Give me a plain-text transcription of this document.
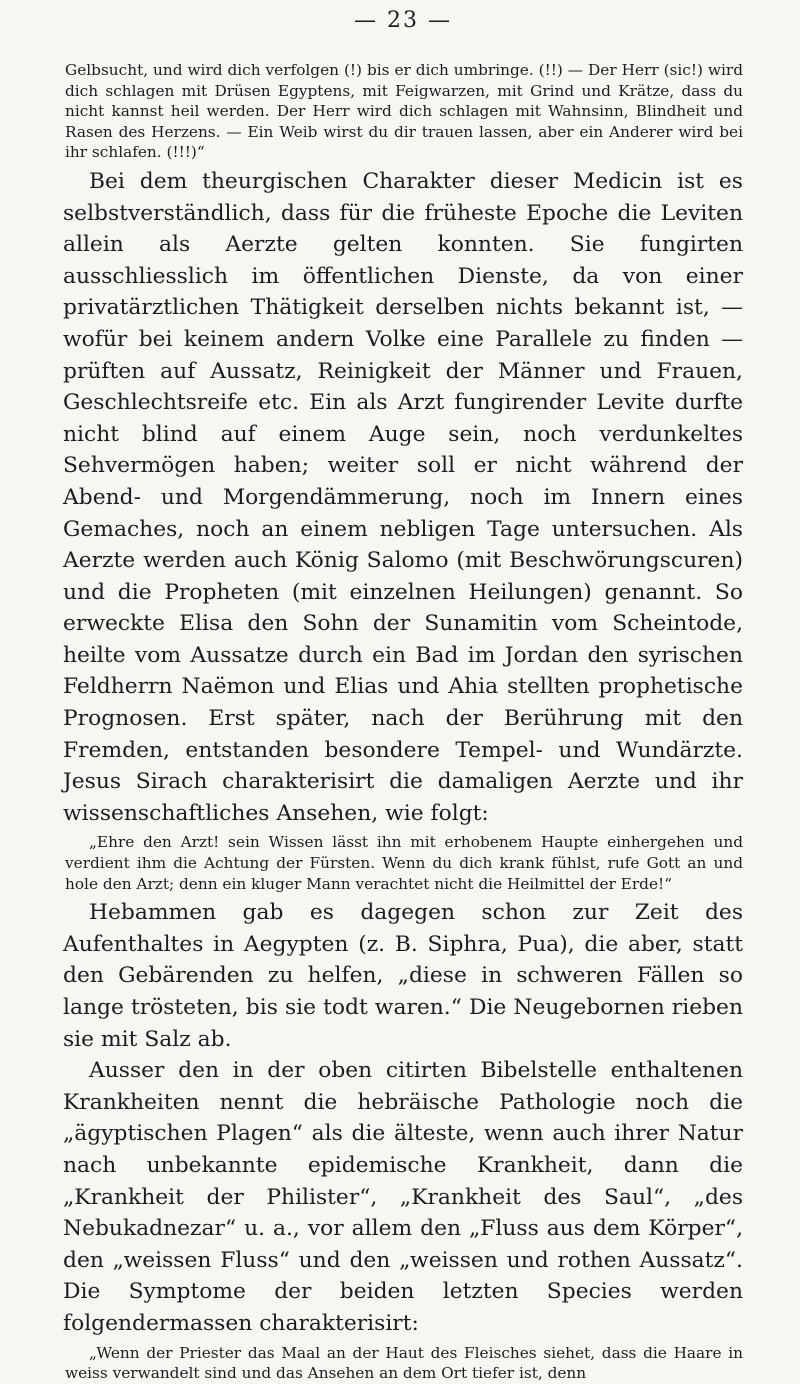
— 23 —

Gelbsucht, und wird dich verfolgen (!) bis er dich umbringe. (!!) — Der Herr (sic!) wird dich schlagen mit Drüsen Egyptens, mit Feigwarzen, mit Grind und Krätze, dass du nicht kannst heil werden. Der Herr wird dich schlagen mit Wahnsinn, Blindheit und Rasen des Herzens. — Ein Weib wirst du dir trauen lassen, aber ein Anderer wird bei ihr schlafen. (!!!)“

Bei dem theurgischen Charakter dieser Medicin ist es selbstverständlich, dass für die früheste Epoche die Leviten allein als Aerzte gelten konnten. Sie fungirten ausschliesslich im öffentlichen Dienste, da von einer privatärztlichen Thätigkeit derselben nichts bekannt ist, — wofür bei keinem andern Volke eine Parallele zu finden — prüften auf Aussatz, Reinigkeit der Männer und Frauen, Geschlechtsreife etc. Ein als Arzt fungirender Levite durfte nicht blind auf einem Auge sein, noch verdunkeltes Sehvermögen haben; weiter soll er nicht während der Abend- und Morgendämmerung, noch im Innern eines Gemaches, noch an einem nebligen Tage untersuchen. Als Aerzte werden auch König Salomo (mit Beschwörungscuren) und die Propheten (mit einzelnen Heilungen) genannt. So erweckte Elisa den Sohn der Sunamitin vom Scheintode, heilte vom Aussatze durch ein Bad im Jordan den syrischen Feldherrn Naëmon und Elias und Ahia stellten prophetische Prognosen. Erst später, nach der Berührung mit den Fremden, entstanden besondere Tempel- und Wundärzte. Jesus Sirach charakterisirt die damaligen Aerzte und ihr wissenschaftliches Ansehen, wie folgt:

„Ehre den Arzt! sein Wissen lässt ihn mit erhobenem Haupte einhergehen und verdient ihm die Achtung der Fürsten. Wenn du dich krank fühlst, rufe Gott an und hole den Arzt; denn ein kluger Mann verachtet nicht die Heilmittel der Erde!“

Hebammen gab es dagegen schon zur Zeit des Aufenthaltes in Aegypten (z. B. Siphra, Pua), die aber, statt den Gebärenden zu helfen, „diese in schweren Fällen so lange trösteten, bis sie todt waren.“ Die Neugebornen rieben sie mit Salz ab.

Ausser den in der oben citirten Bibelstelle enthaltenen Krankheiten nennt die hebräische Pathologie noch die „ägyptischen Plagen“ als die älteste, wenn auch ihrer Natur nach unbekannte epidemische Krankheit, dann die „Krankheit der Philister“, „Krankheit des Saul“, „des Nebukadnezar“ u. a., vor allem den „Fluss aus dem Körper“, den „weissen Fluss“ und den „weissen und rothen Aussatz“. Die Symptome der beiden letzten Species werden folgendermassen charakterisirt:

„Wenn der Priester das Maal an der Haut des Fleisches siehet, dass die Haare in weiss verwandelt sind und das Ansehen an dem Ort tiefer ist, denn
